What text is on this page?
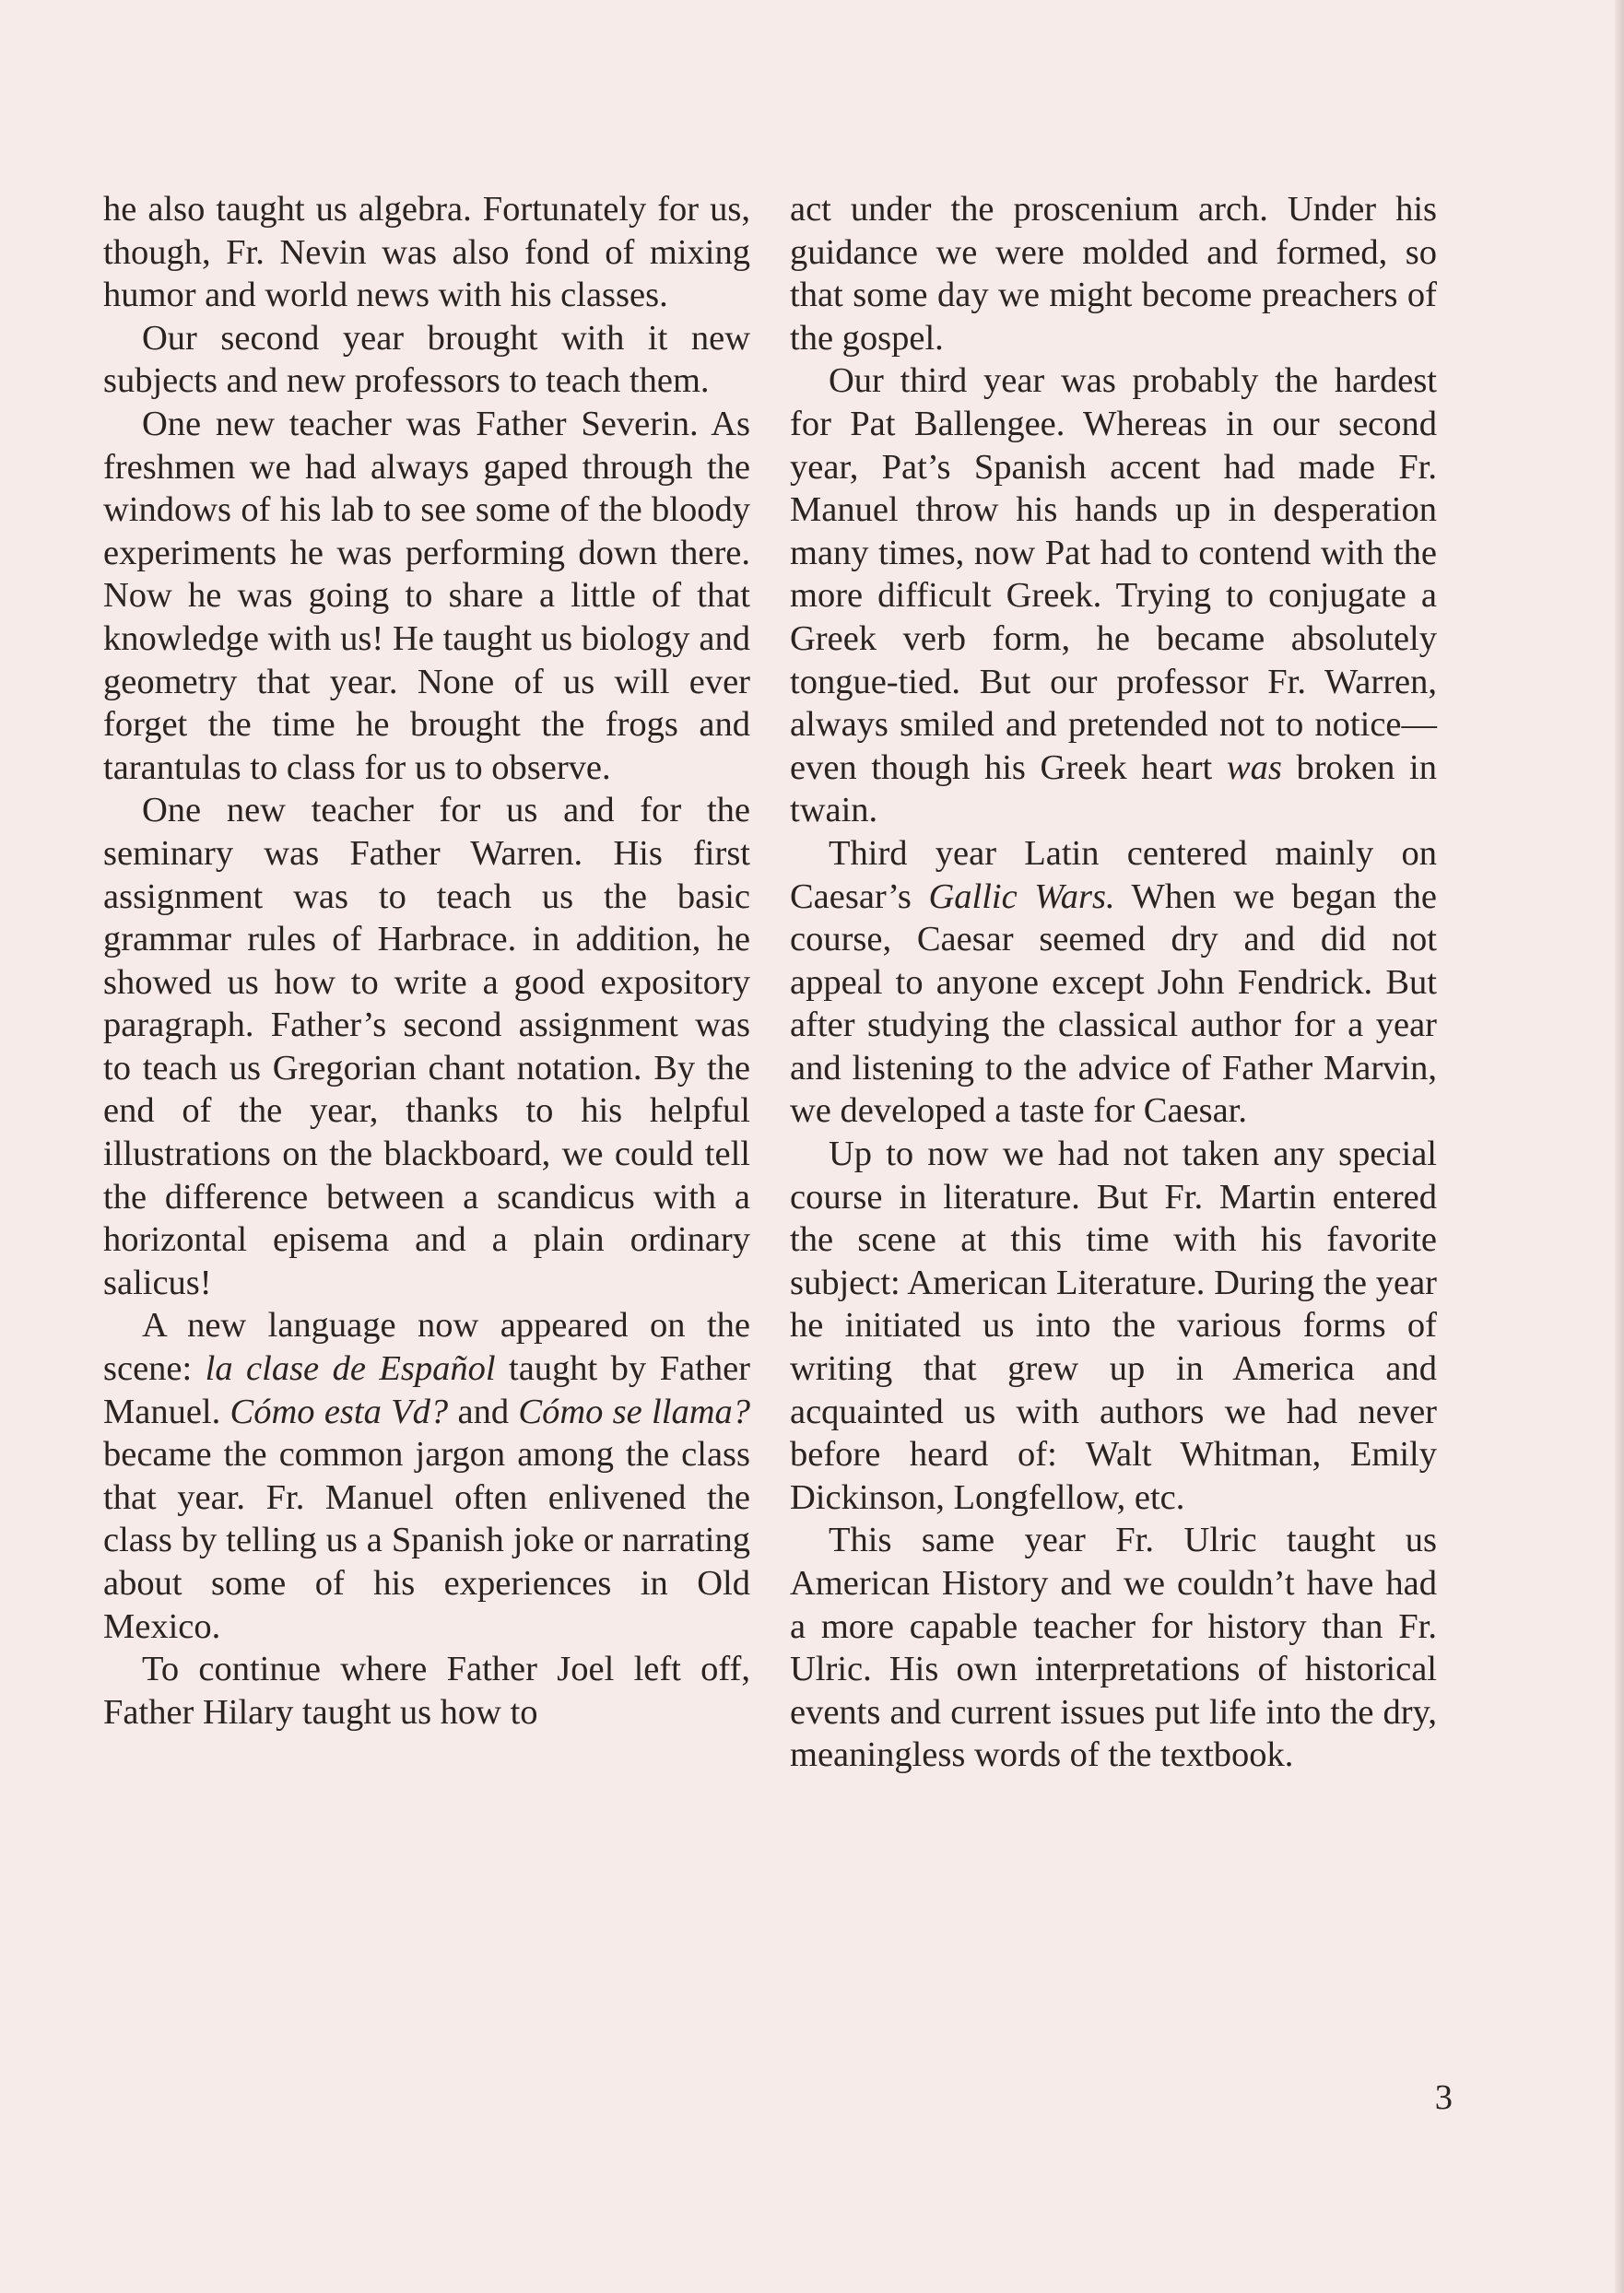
he also taught us algebra. Fortunately for us, though, Fr. Nevin was also fond of mixing humor and world news with his classes.

Our second year brought with it new subjects and new professors to teach them.

One new teacher was Father Severin. As freshmen we had always gaped through the windows of his lab to see some of the bloody experiments he was performing down there. Now he was going to share a little of that knowledge with us! He taught us biology and geometry that year. None of us will ever forget the time he brought the frogs and tarantulas to class for us to observe.

One new teacher for us and for the seminary was Father Warren. His first assignment was to teach us the basic grammar rules of Harbrace. in addition, he showed us how to write a good expository paragraph. Father’s second assignment was to teach us Gregorian chant notation. By the end of the year, thanks to his helpful illustrations on the blackboard, we could tell the difference between a scandicus with a horizontal episema and a plain ordinary salicus!

A new language now appeared on the scene: la clase de Español taught by Father Manuel. Cómo esta Vd? and Cómo se llama? became the common jargon among the class that year. Fr. Manuel often enlivened the class by telling us a Spanish joke or narrating about some of his experiences in Old Mexico.

To continue where Father Joel left off, Father Hilary taught us how to

act under the proscenium arch. Under his guidance we were molded and formed, so that some day we might become preachers of the gospel.

Our third year was probably the hardest for Pat Ballengee. Whereas in our second year, Pat’s Spanish accent had made Fr. Manuel throw his hands up in desperation many times, now Pat had to contend with the more difficult Greek. Trying to conjugate a Greek verb form, he became absolutely tongue-tied. But our professor Fr. Warren, always smiled and pretended not to notice—even though his Greek heart was broken in twain.

Third year Latin centered mainly on Caesar’s Gallic Wars. When we began the course, Caesar seemed dry and did not appeal to anyone except John Fendrick. But after studying the classical author for a year and listening to the advice of Father Marvin, we developed a taste for Caesar.

Up to now we had not taken any special course in literature. But Fr. Martin entered the scene at this time with his favorite subject: American Literature. During the year he initiated us into the various forms of writing that grew up in America and acquainted us with authors we had never before heard of: Walt Whitman, Emily Dickinson, Longfellow, etc.

This same year Fr. Ulric taught us American History and we couldn’t have had a more capable teacher for history than Fr. Ulric. His own interpretations of historical events and current issues put life into the dry, meaningless words of the textbook.

3
